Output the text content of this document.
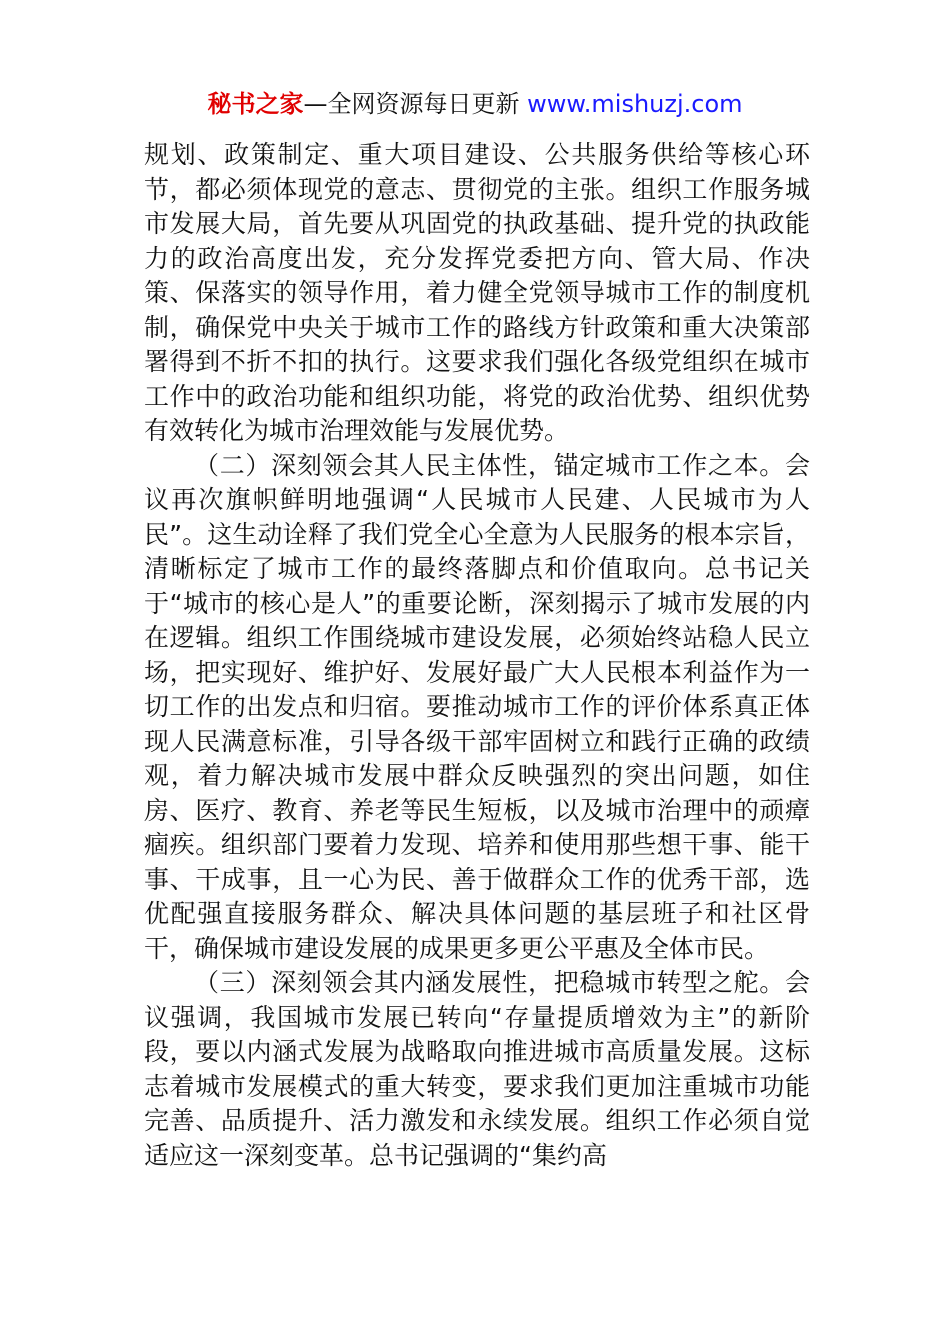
秘书之家—全网资源每日更新 www.mishuzj.com

规划、政策制定、重大项目建设、公共服务供给等核心环节，都必须体现党的意志、贯彻党的主张。组织工作服务城市发展大局，首先要从巩固党的执政基础、提升党的执政能力的政治高度出发，充分发挥党委把方向、管大局、作决策、保落实的领导作用，着力健全党领导城市工作的制度机制，确保党中央关于城市工作的路线方针政策和重大决策部署得到不折不扣的执行。这要求我们强化各级党组织在城市工作中的政治功能和组织功能，将党的政治优势、组织优势有效转化为城市治理效能与发展优势。

（二）深刻领会其人民主体性，锚定城市工作之本。会议再次旗帜鲜明地强调“人民城市人民建、人民城市为人民”。这生动诠释了我们党全心全意为人民服务的根本宗旨，清晰标定了城市工作的最终落脚点和价值取向。总书记关于“城市的核心是人”的重要论断，深刻揭示了城市发展的内在逻辑。组织工作围绕城市建设发展，必须始终站稳人民立场，把实现好、维护好、发展好最广大人民根本利益作为一切工作的出发点和归宿。要推动城市工作的评价体系真正体现人民满意标准，引导各级干部牢固树立和践行正确的政绩观，着力解决城市发展中群众反映强烈的突出问题，如住房、医疗、教育、养老等民生短板，以及城市治理中的顽瘴痼疾。组织部门要着力发现、培养和使用那些想干事、能干事、干成事，且一心为民、善于做群众工作的优秀干部，选优配强直接服务群众、解决具体问题的基层班子和社区骨干，确保城市建设发展的成果更多更公平惠及全体市民。

（三）深刻领会其内涵发展性，把稳城市转型之舵。会议强调，我国城市发展已转向“存量提质增效为主”的新阶段，要以内涵式发展为战略取向推进城市高质量发展。这标志着城市发展模式的重大转变，要求我们更加注重城市功能完善、品质提升、活力激发和永续发展。组织工作必须自觉适应这一深刻变革。总书记强调的“集约高
